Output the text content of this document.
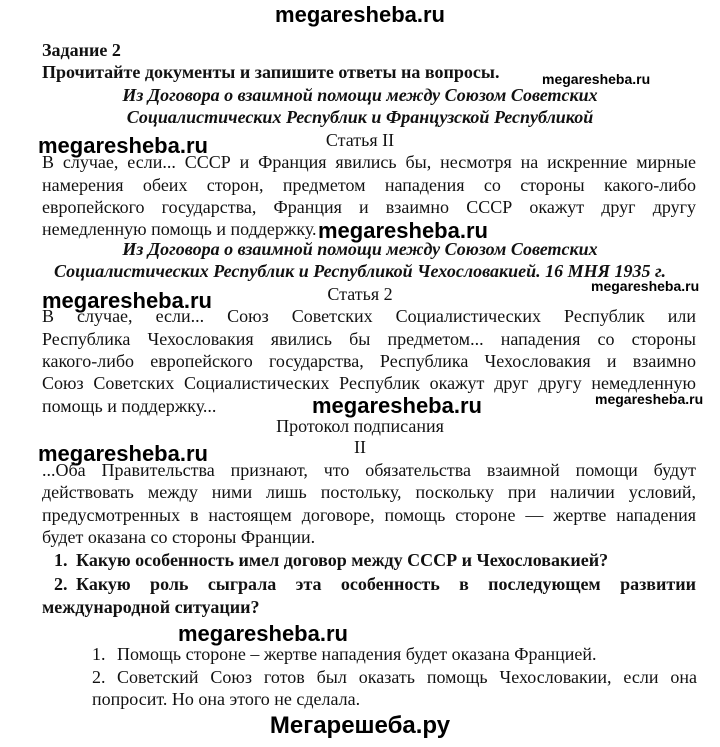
megaresheba.ru
megaresheba.ru
megaresheba.ru
megaresheba.ru
megaresheba.ru
megaresheba.ru
megaresheba.ru	megaresheba.ru
megaresheba.ru
megaresheba.ru
Мегарешеба.ру
Задание 2
Прочитайте документы и запишите ответы на вопросы.
Из Договора о взаимной помощи между Союзом Советских
Социалистических Республик и Французской Республикой
Статья II
В случае, если... СССР и Франция явились бы, несмотря на искренние мирные
намерения обеих сторон, предметом нападения со стороны какого-либо
европейского государства, Франция и взаимно СССР окажут друг другу
немедленную помощь и поддержку.
Из Договора о взаимной помощи между Союзом Советских
Социалистических Республик и Республикой Чехословакией. 16 МНЯ 1935 г.
Статья 2
В случае, если... Союз Советских Социалистических Республик или
Республика Чехословакия явились бы предметом... нападения со стороны
какого-либо европейского государства, Республика Чехословакия и взаимно
Союз Советских Социалистических Республик окажут друг другу немедленную
помощь и поддержку...
Протокол подписания
II
...Оба Правительства признают, что обязательства взаимной помощи будут
действовать между ними лишь постольку, поскольку при наличии условий,
предусмотренных в настоящем договоре, помощь стороне — жертве нападения
будет оказана со стороны Франции.
1. Какую особенность имел договор между СССР и Чехословакией?
2. Какую роль сыграла эта особенность в последующем развитии
международной ситуации?
1. Помощь стороне – жертве нападения будет оказана Францией.
2. Советский Союз готов был оказать помощь Чехословакии, если она
попросит. Но она этого не сделала.
